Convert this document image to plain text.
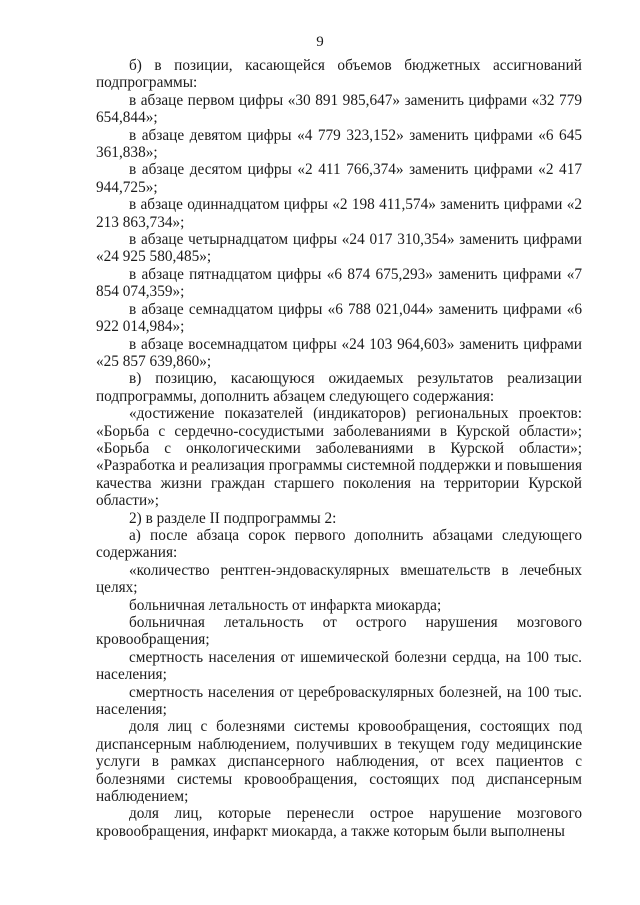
9

б) в позиции, касающейся объемов бюджетных ассигнований подпрограммы:

в абзаце первом цифры «30 891 985,647» заменить цифрами «32 779 654,844»;

в абзаце девятом цифры «4 779 323,152» заменить цифрами «6 645 361,838»;

в абзаце десятом цифры «2 411 766,374» заменить цифрами «2 417 944,725»;

в абзаце одиннадцатом цифры «2 198 411,574» заменить цифрами «2 213 863,734»;

в абзаце четырнадцатом цифры «24 017 310,354» заменить цифрами «24 925 580,485»;

в абзаце пятнадцатом цифры «6 874 675,293» заменить цифрами «7 854 074,359»;

в абзаце семнадцатом цифры «6 788 021,044» заменить цифрами «6 922 014,984»;

в абзаце восемнадцатом цифры «24 103 964,603» заменить цифрами «25 857 639,860»;

в) позицию, касающуюся ожидаемых результатов реализации подпрограммы, дополнить абзацем следующего содержания:

«достижение показателей (индикаторов) региональных проектов: «Борьба с сердечно-сосудистыми заболеваниями в Курской области»; «Борьба с онкологическими заболеваниями в Курской области»; «Разработка и реализация программы системной поддержки и повышения качества жизни граждан старшего поколения на территории Курской области»;

2) в разделе II подпрограммы 2:

а) после абзаца сорок первого дополнить абзацами следующего содержания:

«количество рентген-эндоваскулярных вмешательств в лечебных целях;

больничная летальность от инфаркта миокарда;

больничная летальность от острого нарушения мозгового кровообращения;

смертность населения от ишемической болезни сердца, на 100 тыс. населения;

смертность населения от цереброваскулярных болезней, на 100 тыс. населения;

доля лиц с болезнями системы кровообращения, состоящих под диспансерным наблюдением, получивших в текущем году медицинские услуги в рамках диспансерного наблюдения, от всех пациентов с болезнями системы кровообращения, состоящих под диспансерным наблюдением;

доля лиц, которые перенесли острое нарушение мозгового кровообращения, инфаркт миокарда, а также которым были выполнены
